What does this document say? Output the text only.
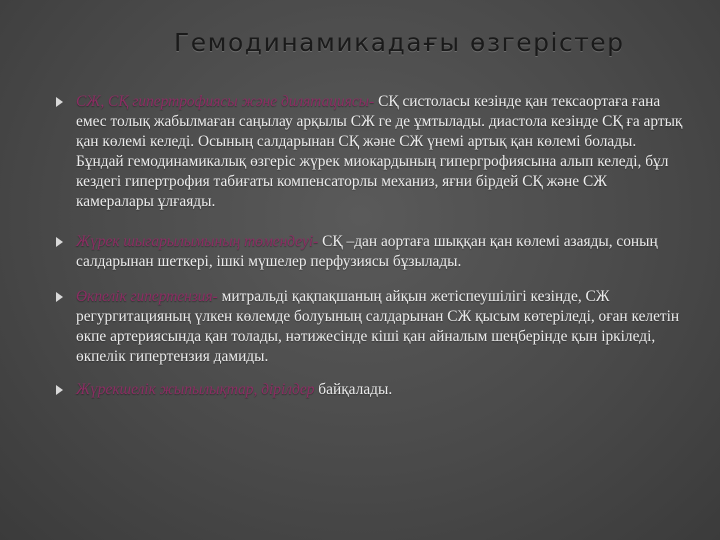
Гемодинамикадағы өзгерістер
СЖ, СҚ гипертрофиясы және дилятациясы- СҚ систоласы кезінде қан тексаортаға ғана емес толық жабылмаған саңылау арқылы СЖ ге де ұмтылады. диастола кезінде СҚ ға артық қан көлемі келеді. Осының салдарынан СҚ және СЖ үнемі артық қан көлемі болады. Бұндай гемодинамикалық өзгеріс жүрек миокардының гипергрофиясына алып келеді, бұл кездегі гипертрофия табиғаты компенсаторлы механиз, яғни бірдей СҚ және СЖ камералары ұлғаяды.
Жүрек шығарылымының төмендеуі- СҚ –дан аортаға шыққан қан көлемі азаяды, соның салдарынан шеткері, ішкі мүшелер перфузиясы бұзылады.
Өкпелік гипертензия- митральді қақпақшаның айқын жетіспеушілігі кезінде, СЖ регургитацияның үлкен көлемде болуының салдарынан СЖ қысым көтеріледі, оған келетін өкпе артериясында қан толады, нәтижесінде кіші қан айналым шеңберінде қын іркіледі, өкпелік гипертензия дамиды.
Жүрекшелік жыпылықтар, дірілдер байқалады.
